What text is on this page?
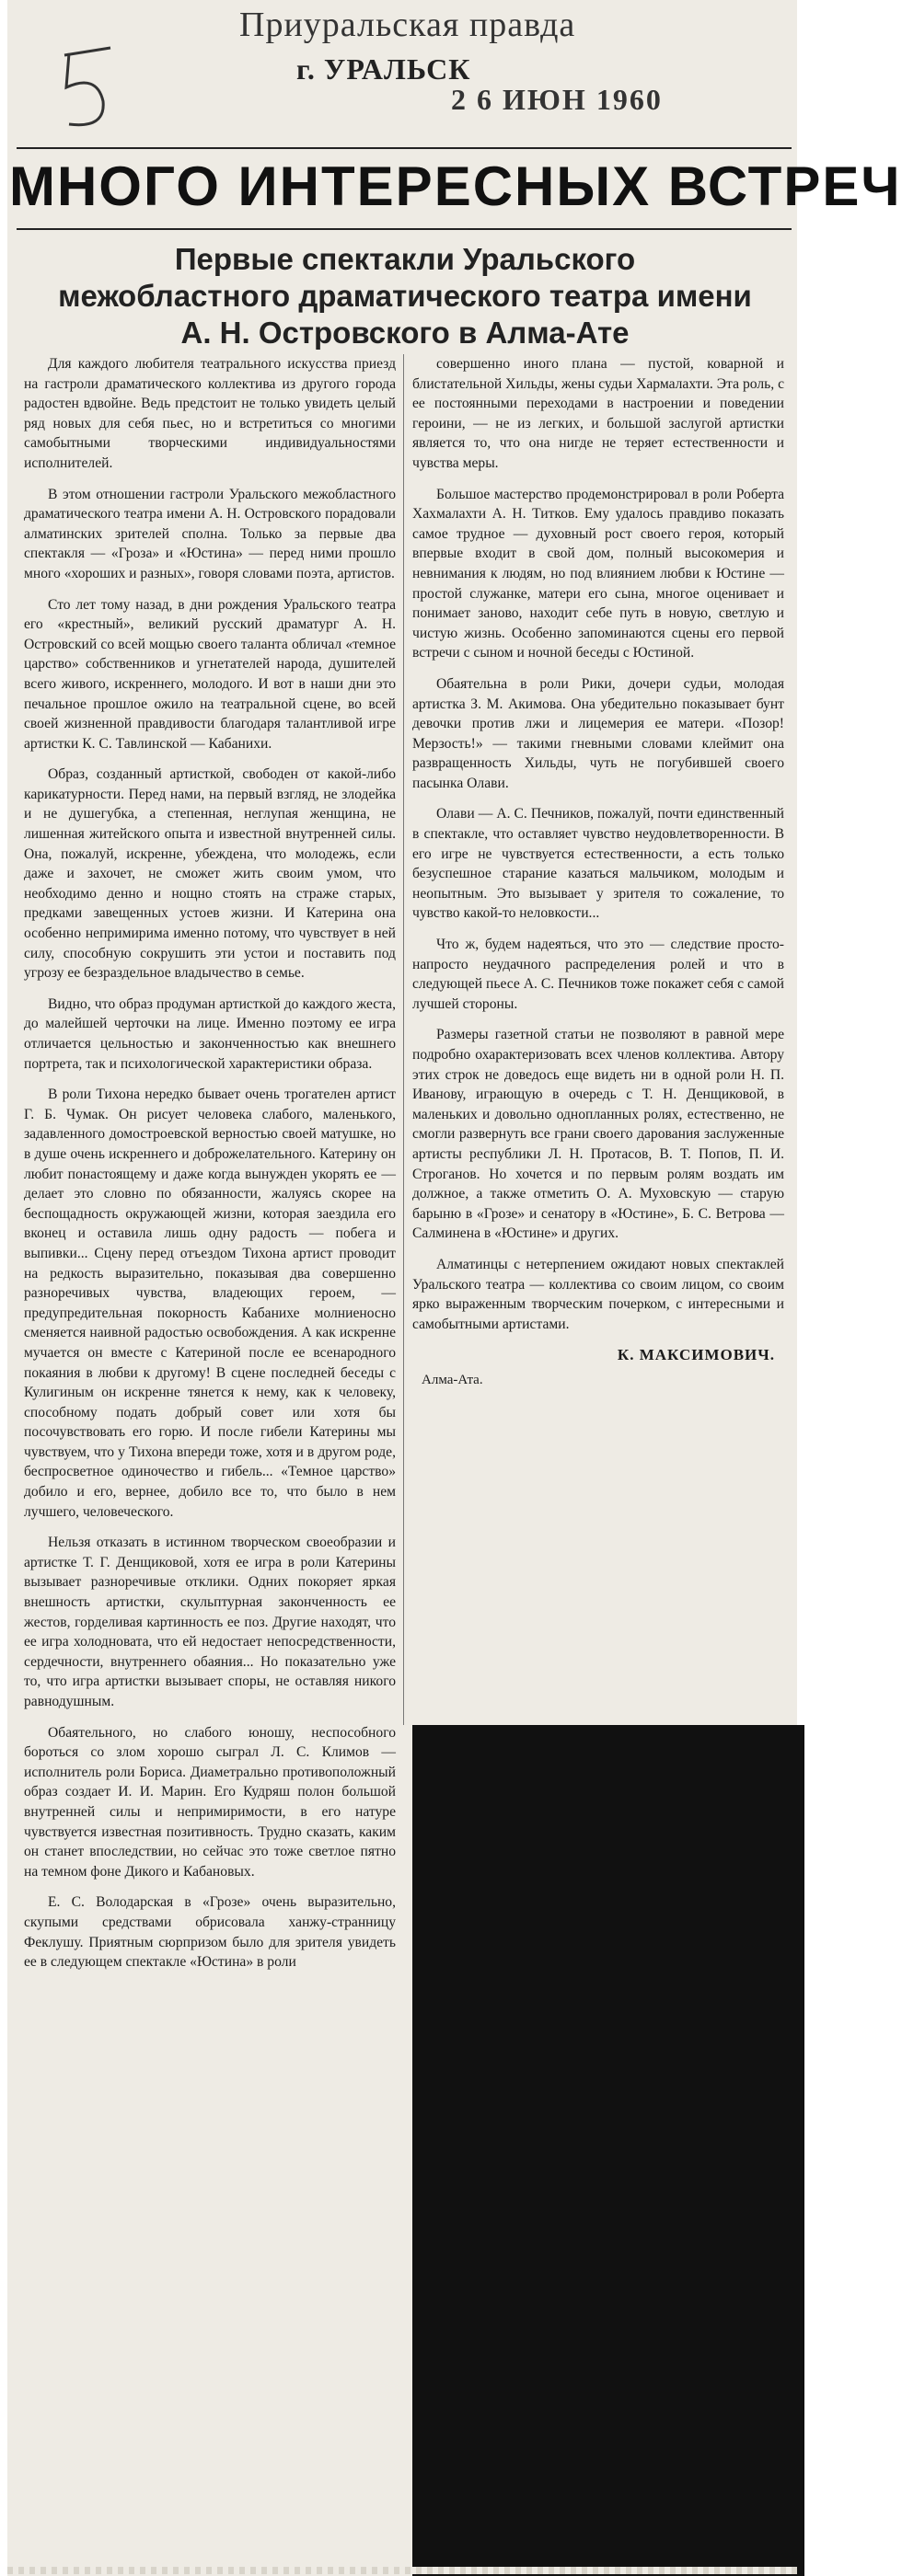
Приуральская правда
г. УРАЛЬСК
2 6 ИЮН 1960
МНОГО ИНТЕРЕСНЫХ ВСТРЕЧ
Первые спектакли Уральского межобластного драматического театра имени А. Н. Островского в Алма-Ате

Для каждого любителя театрального искусства приезд на гастроли драматического коллектива из другого города радостен вдвойне. Ведь предстоит не только увидеть целый ряд новых для себя пьес, но и встретиться со многими самобытными творческими индивидуальностями исполнителей.

В этом отношении гастроли Уральского межобластного драматического театра имени А. Н. Островского порадовали алматинских зрителей сполна. Только за первые два спектакля — «Гроза» и «Юстина» — перед ними прошло много «хороших и разных», говоря словами поэта, артистов.

Сто лет тому назад, в дни рождения Уральского театра его «крестный», великий русский драматург А. Н. Островский со всей мощью своего таланта обличал «темное царство» собственников и угнетателей народа, душителей всего живого, искреннего, молодого. И вот в наши дни это печальное прошлое ожило на театральной сцене, во всей своей жизненной правдивости благодаря талантливой игре артистки К. С. Тавлинской — Кабанихи.

Образ, созданный артисткой, свободен от какой-либо карикатурности. Перед нами, на первый взгляд, не злодейка и не душегубка, а степенная, неглупая женщина, не лишенная житейского опыта и известной внутренней силы. Она, пожалуй, искренне, убеждена, что молодежь, если даже и захочет, не сможет жить своим умом, что необходимо денно и нощно стоять на страже старых, предками завещенных устоев жизни. И Катерина она особенно непримирима именно потому, что чувствует в ней силу, способную сокрушить эти устои и поставить под угрозу ее безраздельное владычество в семье.

Видно, что образ продуман артисткой до каждого жеста, до малейшей черточки на лице. Именно поэтому ее игра отличается цельностью и законченностью как внешнего портрета, так и психологической характеристики образа.

В роли Тихона нередко бывает очень трогателен артист Г. Б. Чумак. Он рисует человека слабого, маленького, задавленного домостроевской верностью своей матушке, но в душе очень искреннего и доброжелательного. Катерину он любит понастоящему и даже когда вынужден укорять ее — делает это словно по обязанности, жалуясь скорее на беспощадность окружающей жизни, которая заездила его вконец и оставила лишь одну радость — побега и выпивки... Сцену перед отъездом Тихона артист проводит на редкость выразительно, показывая два совершенно разноречивых чувства, владеющих героем, — предупредительная покорность Кабанихе молниеносно сменяется наивной радостью освобождения. А как искренне мучается он вместе с Катериной после ее всенародного покаяния в любви к другому! В сцене последней беседы с Кулигиным он искренне тянется к нему, как к человеку, способному подать добрый совет или хотя бы посочувствовать его горю. И после гибели Катерины мы чувствуем, что у Тихона впереди тоже, хотя и в другом роде, беспросветное одиночество и гибель... «Темное царство» добило и его, вернее, добило все то, что было в нем лучшего, человеческого.

Нельзя отказать в истинном творческом своеобразии и артистке Т. Г. Денщиковой, хотя ее игра в роли Катерины вызывает разноречивые отклики. Одних покоряет яркая внешность артистки, скульптурная законченность ее жестов, горделивая картинность ее поз. Другие находят, что ее игра холодновата, что ей недостает непосредственности, сердечности, внутреннего обаяния... Но показательно уже то, что игра артистки вызывает споры, не оставляя никого равнодушным.

Обаятельного, но слабого юношу, неспособного бороться со злом хорошо сыграл Л. С. Климов — исполнитель роли Бориса. Диаметрально противоположный образ создает И. И. Марин. Его Кудряш полон большой внутренней силы и непримиримости, в его натуре чувствуется известная позитивность. Трудно сказать, каким он станет впоследствии, но сейчас это тоже светлое пятно на темном фоне Дикого и Кабановых.

Е. С. Володарская в «Грозе» очень выразительно, скупыми средствами обрисовала ханжу-странницу Феклушу. Приятным сюрпризом было для зрителя увидеть ее в следующем спектакле «Юстина» в роли

совершенно иного плана — пустой, коварной и блистательной Хильды, жены судьи Хармалахти. Эта роль, с ее постоянными переходами в настроении и поведении героини, — не из легких, и большой заслугой артистки является то, что она нигде не теряет естественности и чувства меры.

Большое мастерство продемонстрировал в роли Роберта Хахмалахти А. Н. Титков. Ему удалось правдиво показать самое трудное — духовный рост своего героя, который впервые входит в свой дом, полный высокомерия и невнимания к людям, но под влиянием любви к Юстине — простой служанке, матери его сына, многое оценивает и понимает заново, находит себе путь в новую, светлую и чистую жизнь. Особенно запоминаются сцены его первой встречи с сыном и ночной беседы с Юстиной.

Обаятельна в роли Рики, дочери судьи, молодая артистка З. М. Акимова. Она убедительно показывает бунт девочки против лжи и лицемерия ее матери. «Позор! Мерзость!» — такими гневными словами клеймит она развращенность Хильды, чуть не погубившей своего пасынка Олави.

Олави — А. С. Печников, пожалуй, почти единственный в спектакле, что оставляет чувство неудовлетворенности. В его игре не чувствуется естественности, а есть только безуспешное старание казаться мальчиком, молодым и неопытным. Это вызывает у зрителя то сожаление, то чувство какой-то неловкости...

Что ж, будем надеяться, что это — следствие просто-напросто неудачного распределения ролей и что в следующей пьесе А. С. Печников тоже покажет себя с самой лучшей стороны.

Размеры газетной статьи не позволяют в равной мере подробно охарактеризовать всех членов коллектива. Автору этих строк не доведось еще видеть ни в одной роли Н. П. Иванову, играющую в очередь с Т. Н. Денщиковой, в маленьких и довольно однопланных ролях, естественно, не смогли развернуть все грани своего дарования заслуженные артисты республики Л. Н. Протасов, В. Т. Попов, П. И. Строганов. Но хочется и по первым ролям воздать им должное, а также отметить О. А. Муховскую — старую барыню в «Грозе» и сенатору в «Юстине», Б. С. Ветрова — Салминена в «Юстине» и других.

Алматинцы с нетерпением ожидают новых спектаклей Уральского театра — коллектива со своим лицом, со своим ярко выраженным творческим почерком, с интересными и самобытными артистами.

К. МАКСИМОВИЧ.
Алма-Ата.
